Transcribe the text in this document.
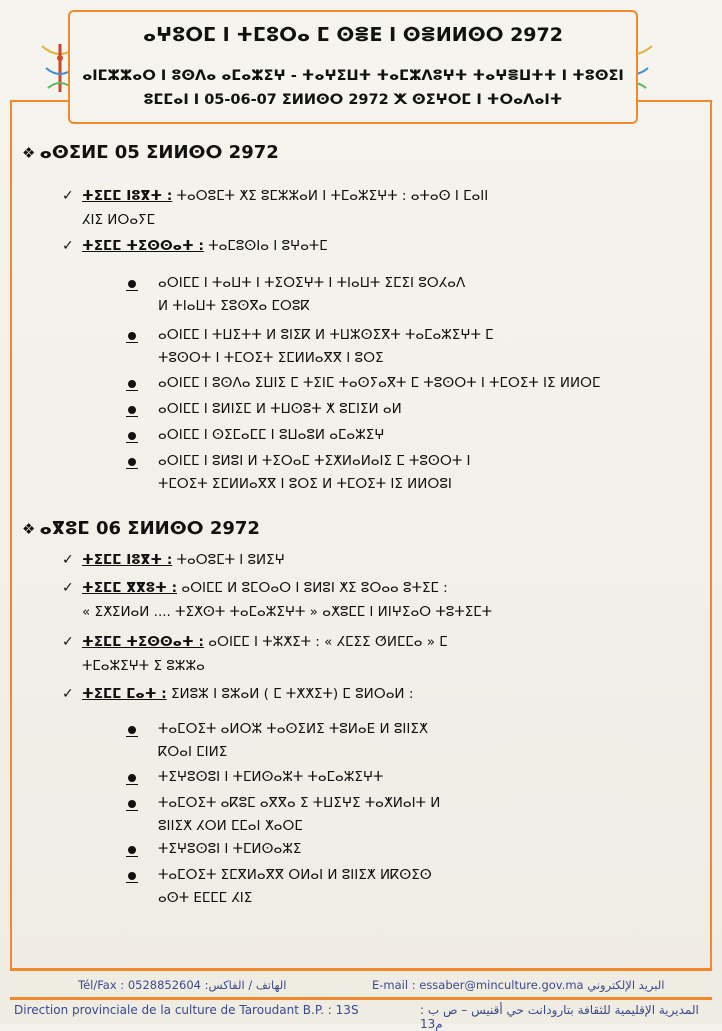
ⴰⵖⵓⵔⵎ ⵏ ⵜⵎⵓⵔⴰ ⵎ ⵙⴻⴹ ⵏ ⵙⴻⵍⵍⵙⵔ 2972
ⴰⵏⵎⵣⵣⴰⵔ ⵏ ⵓⵙⴷⴰ ⴰⵎⴰⵣⵉⵖ - ⵜⴰⵖⵉⵡⵜ ⵜⴰⵎⵣⴷⵓⵖⵜ ⵜⴰⵖⴻⵡⵜⵜ ⵏ ⵜⵓⵙⵉⵏ
ⵓⵎⵎⴰⵏ ⵏ 05-06-07 ⵉⵍⵍⵙⵔ 2972 ⵅ ⵙⵉⵖⵔⵎ ⵏ ⵜⵔⴰⴷⴰⵏⵜ
❖ ⴰⵙⵉⵍⵎ 05 ⵉⵍⵍⵙⵔ 2972
✓ ⵜⵉⵎⵎ ⵏⵓⴳⵜ : ⵜⴰⵔⵓⵎⵜ ⵅⵉ ⵓⵎⵣⵣⴰⵍ ⵏ ⵜⵎⴰⵣⵉⵖⵜ : ⴰⵜⴰⵙ ⵏ ⵎⴰⵏⵏ
ⵃⵏⵉ ⵍⵔⴰⵢⵎ
✓ ⵜⵉⵎⵎ ⵜⵉⵙⵙⴰⵜ : ⵜⴰⵎⵓⵙⵏⴰ ⵏ ⵓⵖⴰⵜⵎ
ⴰⵔⵏⵎⵎ ⵏ ⵜⴰⵡⵜ ⵏ ⵜⵉⵔⵉⵖⵜ ⵏ ⵜⵏⴰⵡⵜ ⵉⵎⵉⵏ ⵓⵔⵃⴰⴷ
ⵍ ⵜⵏⴰⵡⵜ ⵉⵓⵙⴳⴰ ⵎⵔⵓⴽ
ⴰⵔⵏⵎⵎ ⵏ ⵜⵡⵉⵜⵜ ⵍ ⵓⵏⵉⴽ ⵍ ⵜⵡⵣⵙⵉⴳⵜ ⵜⴰⵎⴰⵣⵉⵖⵜ ⵎ
ⵜⵓⵙⵔⵜ ⵏ ⵜⵎⵔⵉⵜ ⵉⵎⵍⵍⴰⴳⴳ ⵏ ⵓⵔⵉ
ⴰⵔⵏⵎⵎ ⵏ ⵓⵙⴷⴰ ⵉⵡⵏⵉ ⵎ ⵜⵉⵏⵎ ⵜⴰⵙⵢⴰⴳⵜ ⵎ ⵜⵓⵙⵔⵜ ⵏ ⵜⵎⵔⵉⵜ ⵏⵉ ⵍⵍⵔⵎ
ⴰⵔⵏⵎⵎ ⵏ ⵓⵍⵏⵉⵎ ⵍ ⵜⵡⵙⵓⵜ ⵅ ⵓⵎⵏⵉⵍ ⴰⵍ
ⴰⵔⵏⵎⵎ ⵏ ⵙⵉⵎⴰⵎⵎ ⵏ ⵓⵡⴰⵓⵍ ⴰⵎⴰⵣⵉⵖ
ⴰⵔⵏⵎⵎ ⵏ ⵓⵍⵓⵏ ⵍ ⵜⵉⵔⴰⵎ ⵜⵉⵅⵍⴰⵍⴰⵏⵉ ⵎ ⵜⵓⵙⵔⵜ ⵏ
ⵜⵎⵔⵉⵜ ⵉⵎⵍⵍⴰⴳⴳ ⵏ ⵓⵔⵉ ⵍ ⵜⵎⵔⵉⵜ ⵏⵉ ⵍⵍⵔⵓⵏ
❖ ⴰⴳⵓⵎ 06 ⵉⵍⵍⵙⵔ 2972
✓ ⵜⵉⵎⵎ ⵏⵓⴳⵜ : ⵜⴰⵔⵓⵎⵜ ⵏ ⵓⵍⵉⵖ
✓ ⵜⵉⵎⵎ ⴳⴳⵓⵜ : ⴰⵔⵏⵎⵎ ⵍ ⵓⵎⵔⴰⵔ ⵏ ⵓⵍⵓⵏ ⵅⵉ ⵓⵔⴰⴰ ⵓⵜⵉⵎ :
« ⵉⵅⵉⵍⴰⵍ .... ⵜⵉⵅⵙⵜ ⵜⴰⵎⴰⵣⵉⵖⵜ » ⴰⵅⵓⵎⵎ ⵏ ⵍⵏⵖⵉⴰⵔ ⵜⵓⵜⵉⵎⵜ
✓ ⵜⵉⵎⵎ ⵜⵉⵙⵙⴰⵜ : ⴰⵔⵏⵎⵎ ⵏ ⵜⵣⵅⵉⵜ : « ⵃⵎⵉⵉ ⵚⵍⵎⵎⴰ » ⵎ
ⵜⵎⴰⵣⵉⵖⵜ ⵉ ⵓⵣⵣⴰ
✓ ⵜⵉⵎⵎ ⵎⴰⵜ : ⵉⵍⵓⵣ ⵏ ⵓⵣⴰⵍ ( ⵎ ⵜⵅⵅⵉⵜ) ⵎ ⵓⵍⵔⴰⵍ :
ⵜⴰⵎⵔⵉⵜ ⴰⵍⵔⵣ ⵜⴰⵙⵉⵍⵉ ⵜⵓⵍⴰⴹ ⵍ ⵓⵏⵏⵉⵅ
ⴽⵔⴰⵏ ⵎⵏⵍⵉ
ⵜⵉⵖⵓⵙⵓⵏ ⵏ ⵜⵎⵍⵙⴰⵣⵜ ⵜⴰⵎⴰⵣⵉⵖⵜ
ⵜⴰⵎⵔⵉⵜ ⴰⴽⵓⵎ ⴰⴳⴳⴰ ⵉ ⵜⵡⵉⵖⵉ ⵜⴰⵅⵍⴰⵏⵜ ⵍ
ⵓⵏⵏⵉⵅ ⵃⵔⵍ ⵎⵎⴰⵏ ⵅⴰⵔⵎ
ⵜⵉⵖⵓⵙⵓⵏ ⵏ ⵜⵎⵍⵙⴰⵣⵉ
ⵜⴰⵎⵔⵉⵜ ⵉⵎⴳⵍⴰⴳⴳ ⵔⵍⴰⵏ ⵍ ⵓⵏⵏⵉⵅ ⵍⴽⵙⵉⵙ
ⴰⵙⵜ ⴹⵎⵎⵎ ⵃⵏⵉ
Tél/Fax : الهاتف / الفاكس: 0528852604	E-mail : essaber@minculture.gov.ma البريد الإلكتروني
Direction provinciale de la culture de Taroudant B.P. : 13S	المديرية الإقليمية للثقافة بتارودانت حي أقنيس – ص ب : م13
